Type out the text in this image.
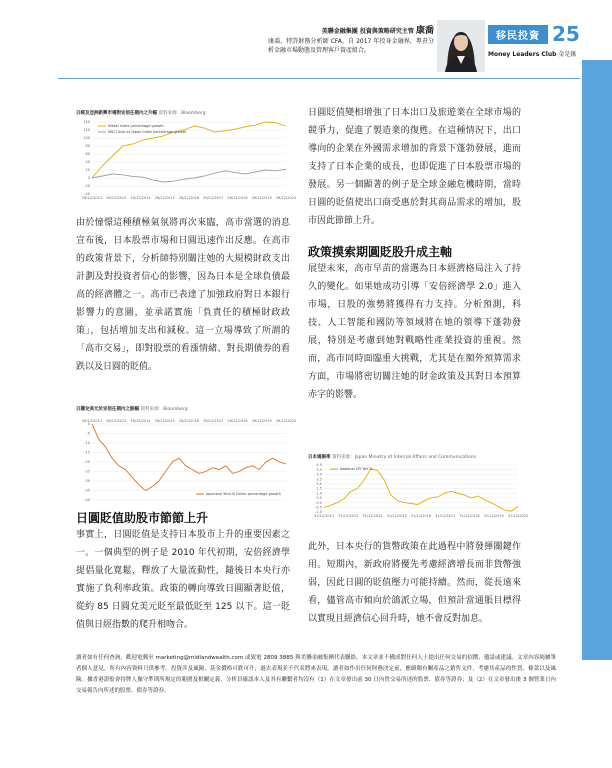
美聯金融集團 投資與策略研究主管 康喬
康喬，特許財務分析師 CFA，自 2017 年投身金融界，專責分析金融市場動態及管理客戶資產組合。
移民投資 25
Money Leaders Club 金是匯
日經及亞洲新興市場對安倍任期內之升幅 資料來源：Bloomberg
140
120
100
80
60
40
20
0
-20
-40
28/12/2012 28/12/2013 28/12/2014 28/12/2015 28/12/2016 28/12/2017 28/12/2018 28/12/2019 28/12/2020
Nikkei Index percentage growth
MSCI Asia ex Japan Index percentage growth

由於憧憬這種積極氣氛將再次來臨，高市當選的消息宣布後，日本股票市場和日圓迅速作出反應。在高市的政策背景下，分析師特別關注她的大規模財政支出計劃及對投資者信心的影響，因為日本是全球負債最高的經濟體之一。高市已表達了加強政府對日本銀行影響力的意圖，並承諾實施「負責任的積極財政政策」，包括增加支出和減稅。這一立場導致了所謂的「高市交易」，即對股票的看漲情緒、對長期債券的看跌以及日圓的貶值。

日圓兌美元於安倍任期內之跌幅 資料來源：Bloomberg
0
-5
-10
-15
-20
-25
-30
-35
-40
28/12/2012 28/12/2013 28/12/2014 28/12/2015 28/12/2016 28/12/2017 28/12/2018 28/12/2019 28/12/2020
Japanese Yen/US Dollar percentage growth
日圓貶值助股市節節上升

事實上，日圓貶值是支持日本股市上升的重要因素之一。一個典型的例子是 2010 年代初期，安倍經濟學提倡量化寬鬆，釋放了大量流動性，隨後日本央行亦實施了負利率政策。政策的轉向導致日圓顯著貶值，從約 85 日圓兌美元貶至最低貶至 125 以下。這一貶值與日經指數的爬升相吻合。

日圓貶值變相增強了日本出口及旅遊業在全球市場的競爭力，促進了製造業的復甦。在這種情況下，出口導向的企業在外國需求增加的背景下蓬勃發展，進而支持了日本企業的成長，也即促進了日本股票市場的發展。另一個顯著的例子是全球金融危機時期，當時日圓的貶值使出口商受惠於對其商品需求的增加，股市因此節節上升。

政策摸索期圓貶股升成主軸

展望未來，高市早苗的當選為日本經濟格局注入了持久的變化。如果她成功引導「安倍經濟學 2.0」進入市場，日股的強勢將獲得有力支持。分析預測，科技、人工智能和國防等領域將在她的領導下蓬勃發展，特別是考慮到她對戰略性產業投資的重視。然而，高市同時面臨重大挑戰，尤其是在額外預算需求方面，市場將密切關注她的財金政策及其對日本預算赤字的影響。

日本通脹率 資料來源：Japan Ministry of Internal Affairs and Communications
4.0
3.5
3.0
2.5
2.0
1.5
1.0
0.5
0.0
-0.5
-1.0
31/12/2012 31/12/2013 31/12/2014 31/12/2015 31/12/2016 31/12/2017 31/12/2018 31/12/2019 31/12/2020
National CPI YoY %

此外，日本央行的貨幣政策在此過程中將發揮關鍵作用。短期內，新政府將優先考慮經濟增長而非貨幣強弱，因此日圓的貶值壓力可能持續。然而，從長遠來看，儘管高市傾向於鴿派立場，但預計當通脹目標得以實現且經濟信心回升時，她不會反對加息。

讀者如有任何查詢，歡迎電郵至 marketing@midlandwealth.com 或致電 2809 3885 與美聯金融集團代表聯絡。本文章並不構成對任何人士提出任何交易的招攬、邀請或建議。文章內容純屬筆者個人意見，所有內容資料只供參考。投資涉及風險，基金價格可跌可升，過去表現並不代表將來表現。讀者如作出任何財務決定前，應細閱有關產品之銷售文件，考慮其產品的性質、條款以及風險。據香港證監會持牌人操守準則所規定的範圍及相關定義，分析員確認本人及其有聯繫者均沒有（1）在文章發出前 30 日內曾交易所述的股票、債券等證券；及（2）在文章發出後 3 個營業日內交易報告內所述的股票、債券等證券。
